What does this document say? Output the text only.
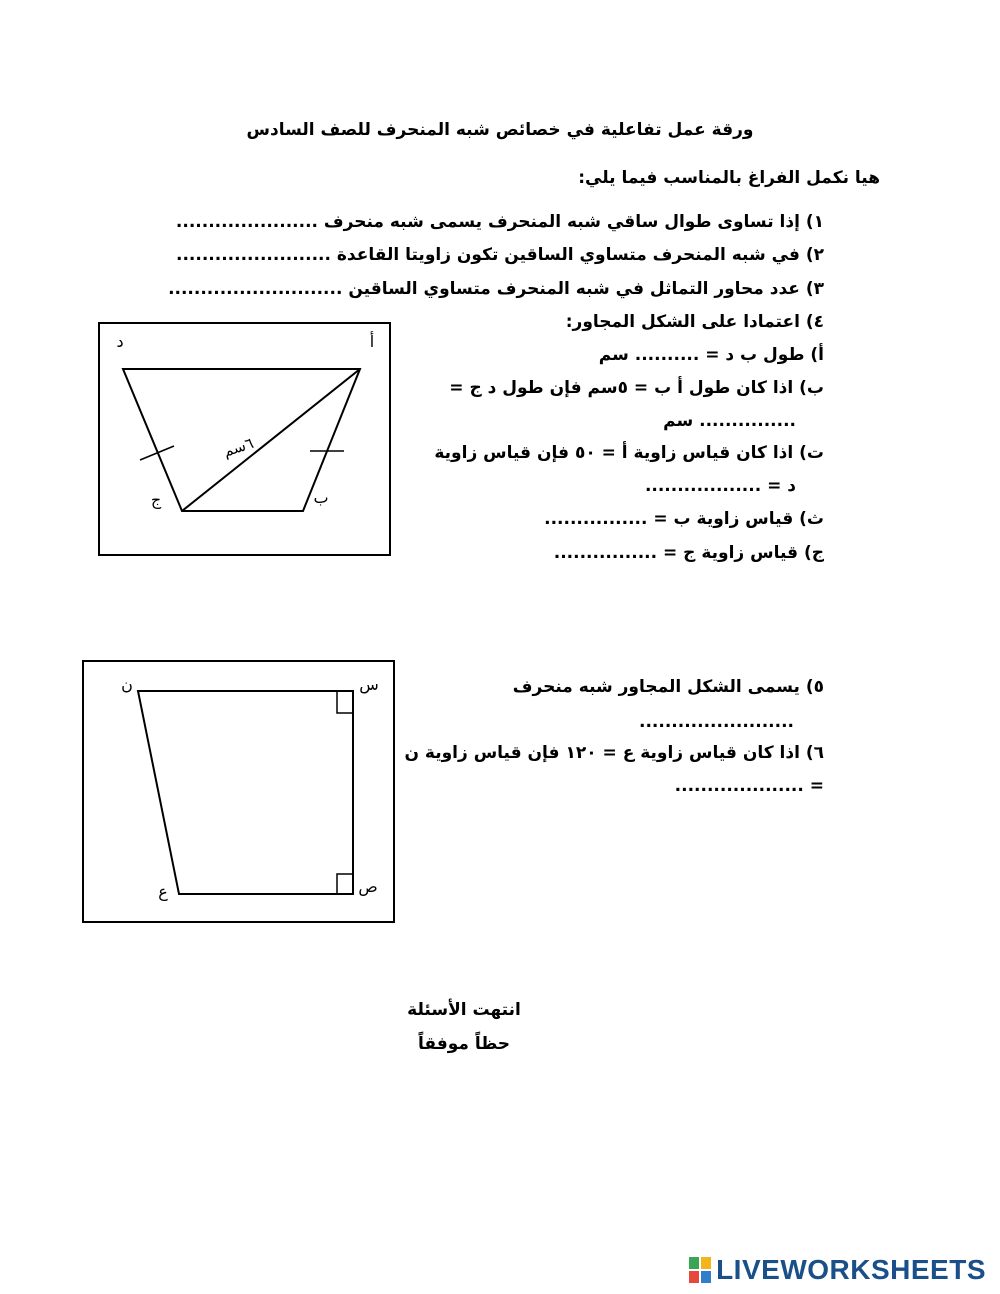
ورقة عمل تفاعلية في خصائص شبه المنحرف للصف السادس
هيا نكمل الفراغ بالمناسب فيما يلي:
١) إذا تساوى طوال ساقي شبه المنحرف يسمى شبه منحرف ......................
٢) في شبه المنحرف متساوي الساقين تكون زاويتا القاعدة ........................
٣) عدد محاور التماثل في شبه المنحرف متساوي الساقين ...........................
٤) اعتمادا على الشكل المجاور:
أ) طول ب د = .......... سم
ب) اذا كان طول أ ب = ٥سم فإن طول د ج =
............... سم
ت) اذا كان قياس زاوية أ = ٥٠ فإن قياس زاوية
د = ..................
ث) قياس زاوية ب = ................
ج) قياس زاوية ج = ................
أ
د
ب
ج
٦سم
٥) يسمى الشكل المجاور شبه منحرف
........................
٦) اذا كان قياس زاوية ع = ١٢٠ فإن قياس زاوية ن
= ....................
س
ن
ص
ع
انتهت الأسئلة
حظاً موفقاً
LIVEWORKSHEETS
